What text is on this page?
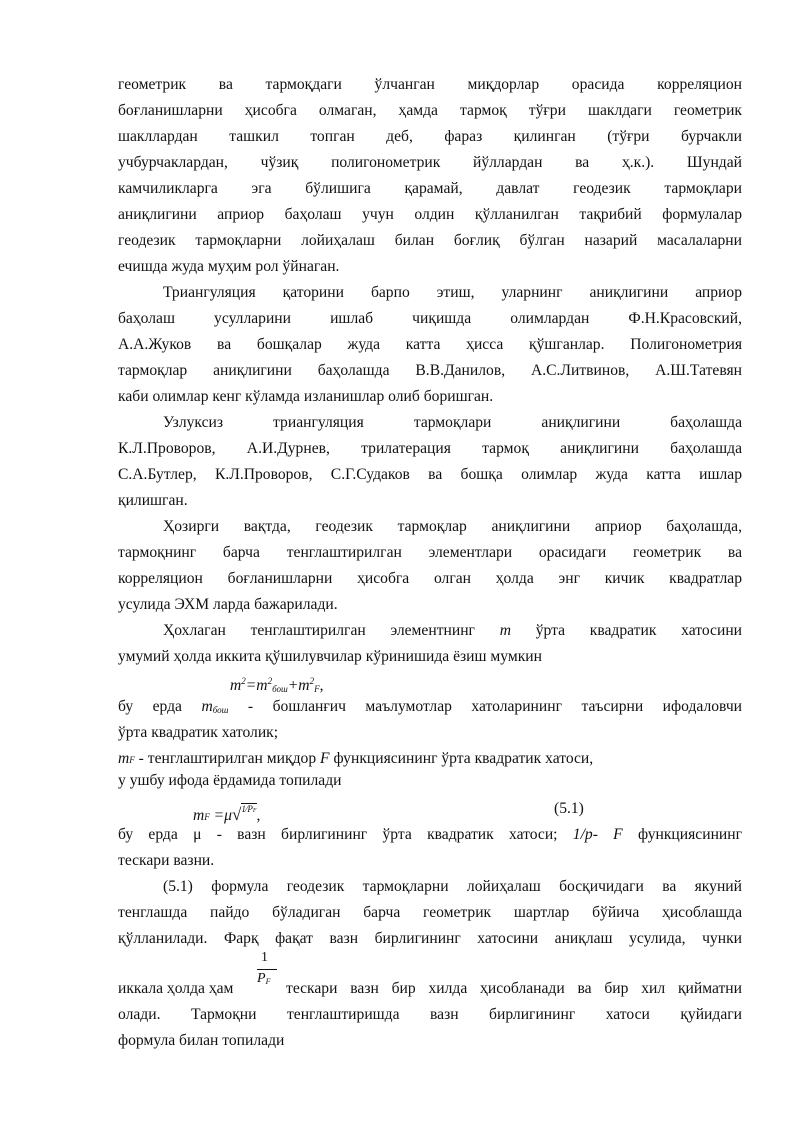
геометрик ва тармоқдаги ўлчанган миқдорлар орасида корреляцион
боғланишларни ҳисобга олмаган, ҳамда тармоқ тўғри шаклдаги геометрик
шакллардан ташкил топган деб, фараз қилинган (тўғри бурчакли
учбурчаклардан, чўзиқ полигонометрик йўллардан ва ҳ.к.). Шундай
камчиликларга эга бўлишига қарамай, давлат геодезик тармоқлари
аниқлигини априор баҳолаш учун олдин қўлланилган тақрибий формулалар
геодезик тармоқларни лойиҳалаш билан боғлиқ бўлган назарий масалаларни
ечишда жуда муҳим рол ўйнаган.
Триангуляция қаторини барпо этиш, уларнинг аниқлигини априор
баҳолаш усулларини ишлаб чиқишда олимлардан Ф.Н.Красовский,
А.А.Жуков ва бошқалар жуда катта ҳисса қўшганлар. Полигонометрия
тармоқлар аниқлигини баҳолашда В.В.Данилов, А.С.Литвинов, А.Ш.Татевян
каби олимлар кенг кўламда изланишлар олиб боришган.
Узлуксиз триангуляция тармоқлари аниқлигини баҳолашда
К.Л.Проворов, А.И.Дурнев, трилатерация тармоқ аниқлигини баҳолашда
С.А.Бутлер, К.Л.Проворов, С.Г.Судаков ва бошқа олимлар жуда катта ишлар
қилишган.
Ҳозирги вақтда, геодезик тармоқлар аниқлигини априор баҳолашда,
тармоқнинг барча тенглаштирилган элементлари орасидаги геометрик ва
корреляцион боғланишларни ҳисобга олган ҳолда энг кичик квадратлар
усулида ЭХМ ларда бажарилади.
Ҳохлаган тенглаштирилган элементнинг m ўрта квадратик хатосини
умумий ҳолда иккита қўшилувчилар кўринишида ёзиш мумкин
$m^2=m^2_{бош}+m^2_F$,
бу ерда $m_{бош}$ - бошланғич маълумотлар хатоларининг таъсирни ифодаловчи
ўрта квадратик хатолик;
mF - тенглаштирилган миқдор F функциясининг ўрта квадратик хатоси,
у ушбу ифода ёрдамида топилади
mF =μ√$^{1⁄PF}$,	(5.1)
бу ерда μ - вазн бирлигининг ўрта квадратик хатоси; 1/p- F функциясининг
тескари вазни.
(5.1) формула геодезик тармоқларни лойиҳалаш босқичидаги ва якуний
тенглашда пайдо бўладиган барча геометрик шартлар бўйича ҳисоблашда
қўлланилади. Фарқ фақат вазн бирлигининг хатосини аниқлаш усулида, чунки
1
PF
иккала ҳолда ҳам	тескари вазн бир хилда ҳисобланади ва бир хил қийматни
олади. Тармоқни тенглаштиришда вазн бирлигининг хатоси қуйидаги
формула билан топилади
